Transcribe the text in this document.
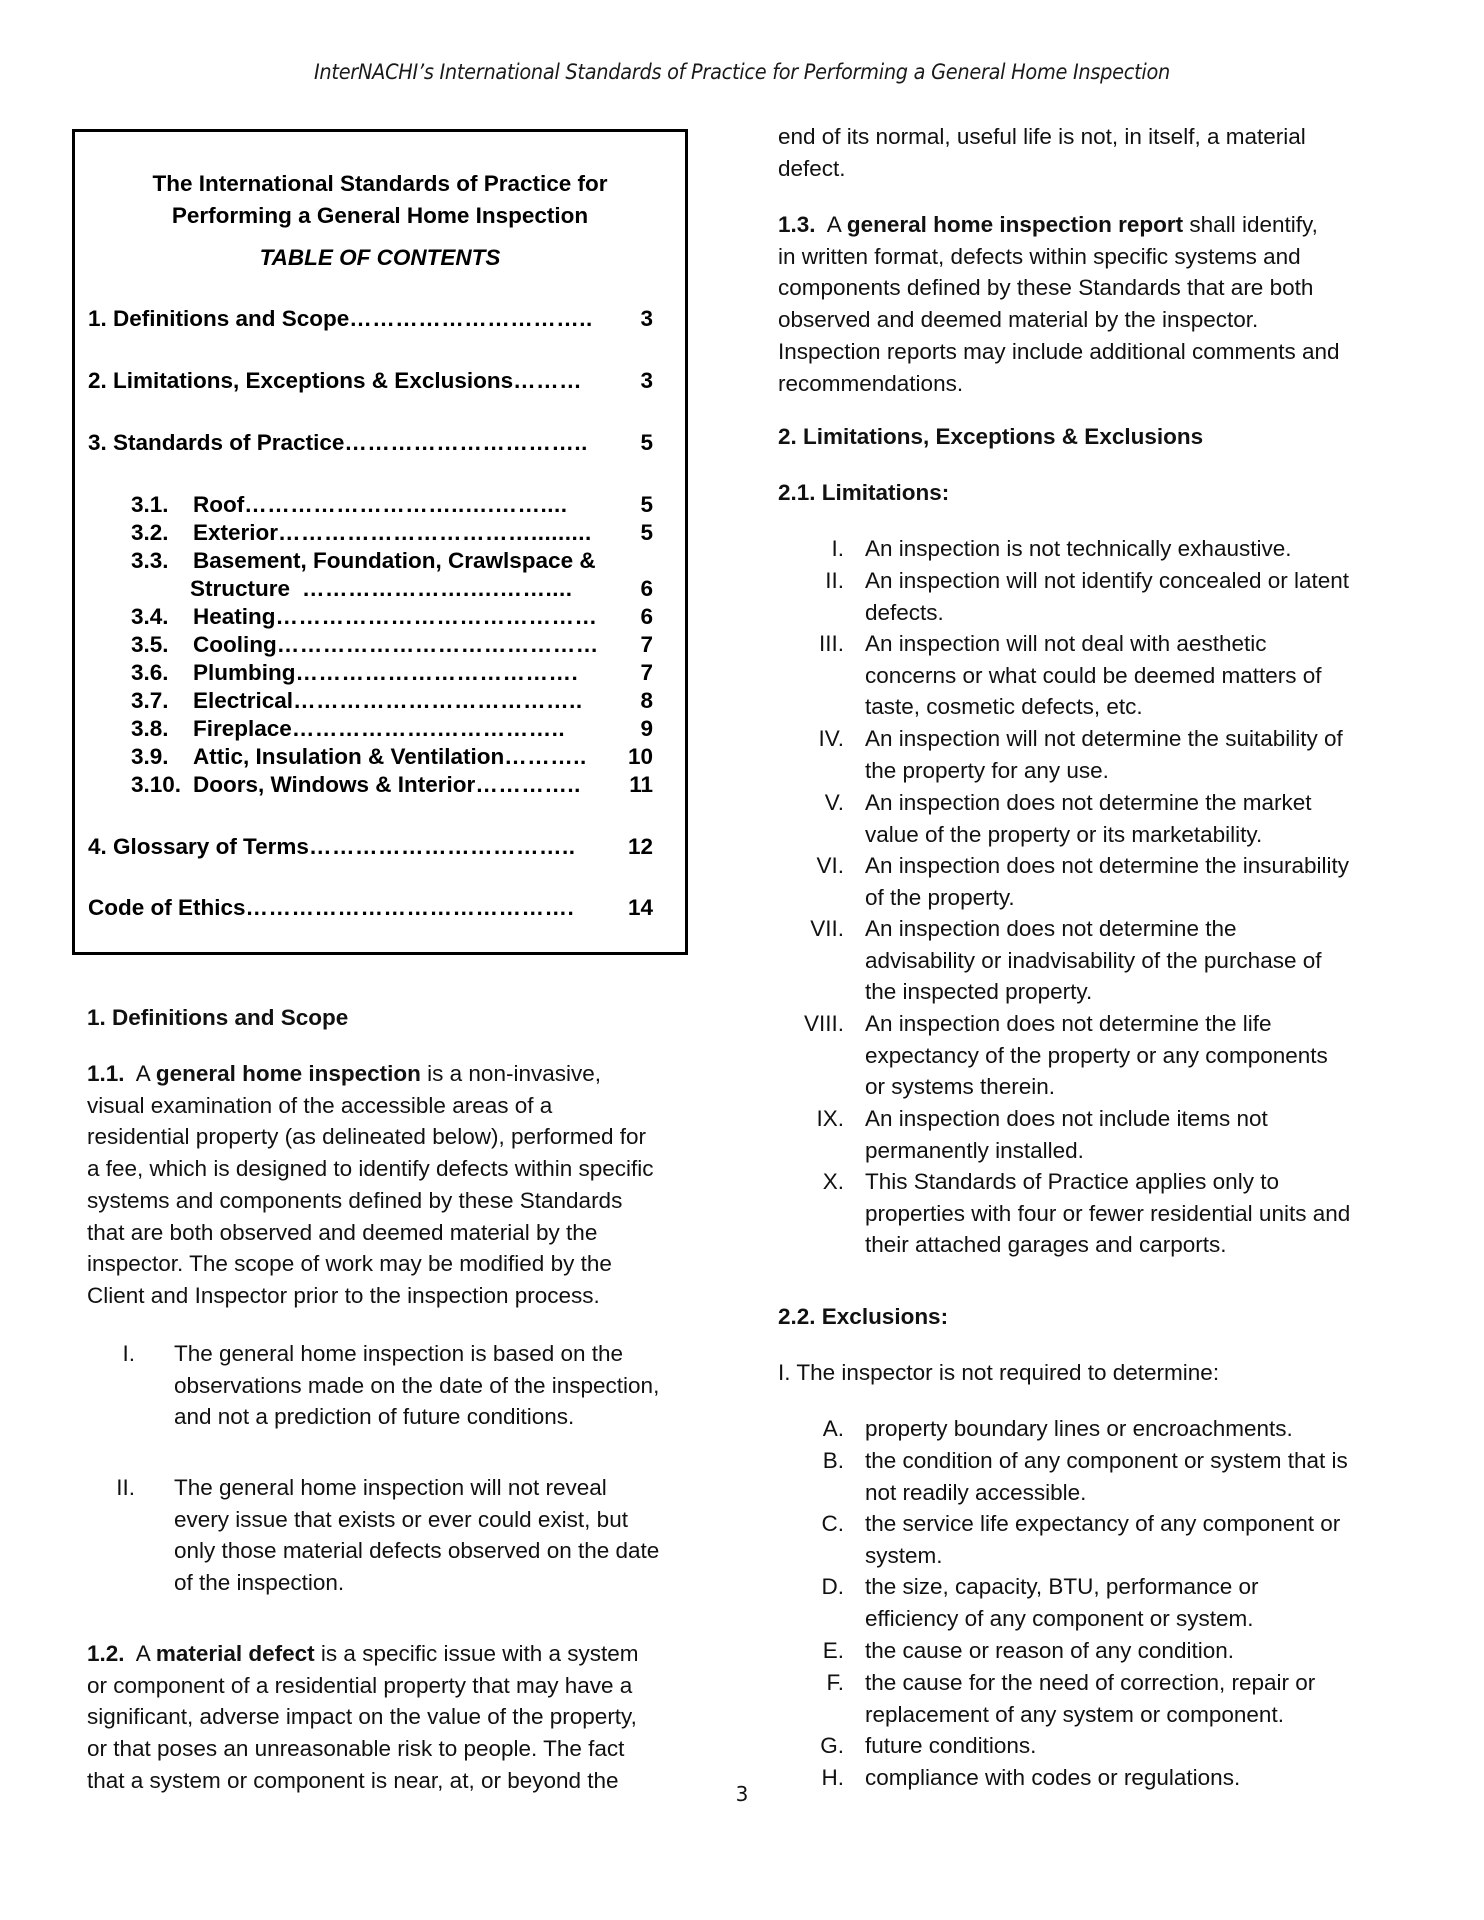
InterNACHI’s International Standards of Practice for Performing a General Home Inspection
The International Standards of Practice for
Performing a General Home Inspection
TABLE OF CONTENTS
1. Definitions and Scope …………………………..	3
2. Limitations, Exceptions & Exclusions ………	3
3. Standards of Practice …………………………..	5
3.1.	Roof ………………………..….……....	5
3.2.	Exterior …………………………….........	5
3.3.	Basement, Foundation, Crawlspace &
Structure ………………….….……....	6
3.4.	Heating ……………………………………	6
3.5.	Cooling ……………………………………	7
3.6.	Plumbing ……………………………….	7
3.7.	Electrical ………………………………..	8
3.8.	Fireplace ……………….……………..	9
3.9.	Attic, Insulation & Ventilation ………..	10
3.10. Doors, Windows & Interior …………..	11
4. Glossary of Terms ……………………………..	12
Code of Ethics …………………………………….	14
1. Definitions and Scope
1.1. A general home inspection is a non-invasive,
visual examination of the accessible areas of a
residential property (as delineated below), performed for
a fee, which is designed to identify defects within specific
systems and components defined by these Standards
that are both observed and deemed material by the
inspector. The scope of work may be modified by the
Client and Inspector prior to the inspection process.
I. The general home inspection is based on the
observations made on the date of the inspection,
and not a prediction of future conditions.
II. The general home inspection will not reveal
every issue that exists or ever could exist, but
only those material defects observed on the date
of the inspection.
1.2. A material defect is a specific issue with a system
or component of a residential property that may have a
significant, adverse impact on the value of the property,
or that poses an unreasonable risk to people. The fact
that a system or component is near, at, or beyond the
end of its normal, useful life is not, in itself, a material
defect.
1.3. A general home inspection report shall identify,
in written format, defects within specific systems and
components defined by these Standards that are both
observed and deemed material by the inspector.
Inspection reports may include additional comments and
recommendations.
2. Limitations, Exceptions & Exclusions
2.1. Limitations:
I. An inspection is not technically exhaustive.
II. An inspection will not identify concealed or latent
defects.
III. An inspection will not deal with aesthetic
concerns or what could be deemed matters of
taste, cosmetic defects, etc.
IV. An inspection will not determine the suitability of
the property for any use.
V. An inspection does not determine the market
value of the property or its marketability.
VI. An inspection does not determine the insurability
of the property.
VII. An inspection does not determine the
advisability or inadvisability of the purchase of
the inspected property.
VIII. An inspection does not determine the life
expectancy of the property or any components
or systems therein.
IX. An inspection does not include items not
permanently installed.
X. This Standards of Practice applies only to
properties with four or fewer residential units and
their attached garages and carports.
2.2. Exclusions:
I. The inspector is not required to determine:
A. property boundary lines or encroachments.
B. the condition of any component or system that is
not readily accessible.
C. the service life expectancy of any component or
system.
D. the size, capacity, BTU, performance or
efficiency of any component or system.
E. the cause or reason of any condition.
F. the cause for the need of correction, repair or
replacement of any system or component.
G. future conditions.
H. compliance with codes or regulations.
3
